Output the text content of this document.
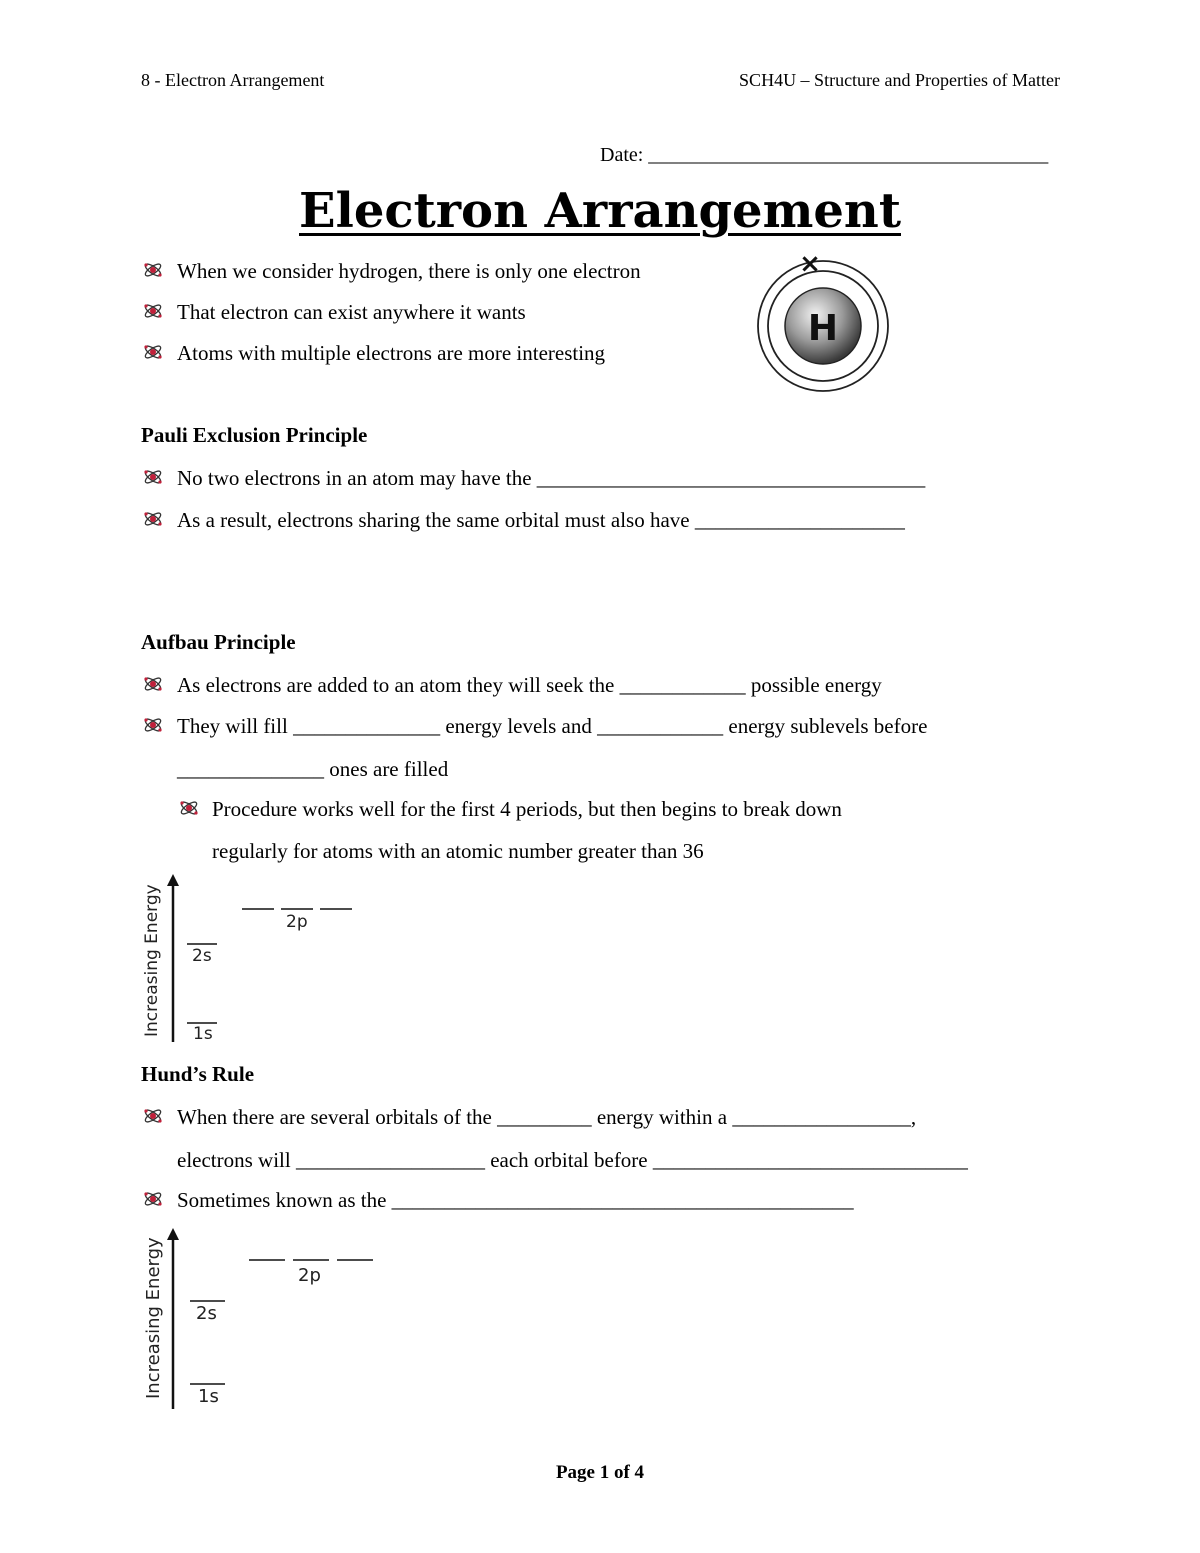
8 - Electron Arrangement	SCH4U – Structure and Properties of Matter
Date: ________________________________________
Electron Arrangement
When we consider hydrogen, there is only one electron
That electron can exist anywhere it wants
Atoms with multiple electrons are more interesting
H
×
Pauli Exclusion Principle
No two electrons in an atom may have the _____________________________________
As a result, electrons sharing the same orbital must also have ____________________
Aufbau Principle
As electrons are added to an atom they will seek the ____________ possible energy
They will fill ______________ energy levels and ____________ energy sublevels before
______________ ones are filled
Procedure works well for the first 4 periods, but then begins to break down
regularly for atoms with an atomic number greater than 36
Increasing Energy 1s
2s
2p
Hund’s Rule
When there are several orbitals of the _________ energy within a _________________,
electrons will __________________ each orbital before ______________________________
Sometimes known as the ____________________________________________
Increasing Energy 1s
2s
2p
Page 1 of 4
